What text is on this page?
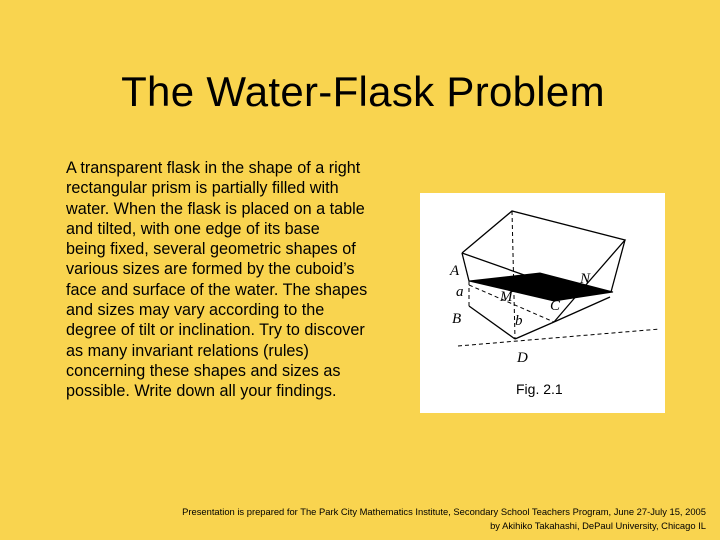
The Water-Flask Problem
A transparent flask in the shape of a right
rectangular prism is partially filled with
water. When the flask is placed on a table
and tilted, with one edge of its base
being fixed, several geometric shapes of
various sizes are formed by the cuboid’s
face and surface of the water. The shapes
and sizes may vary according to the
degree of tilt or inclination. Try to discover
as many invariant relations (rules)
concerning these shapes and sizes as
possible. Write down all your findings.
A
a
B
M
N
C
b
D
Fig. 2.1
Presentation is prepared for The Park City Mathematics Institute, Secondary School Teachers Program, June 27-July 15, 2005
by Akihiko Takahashi, DePaul University, Chicago IL
